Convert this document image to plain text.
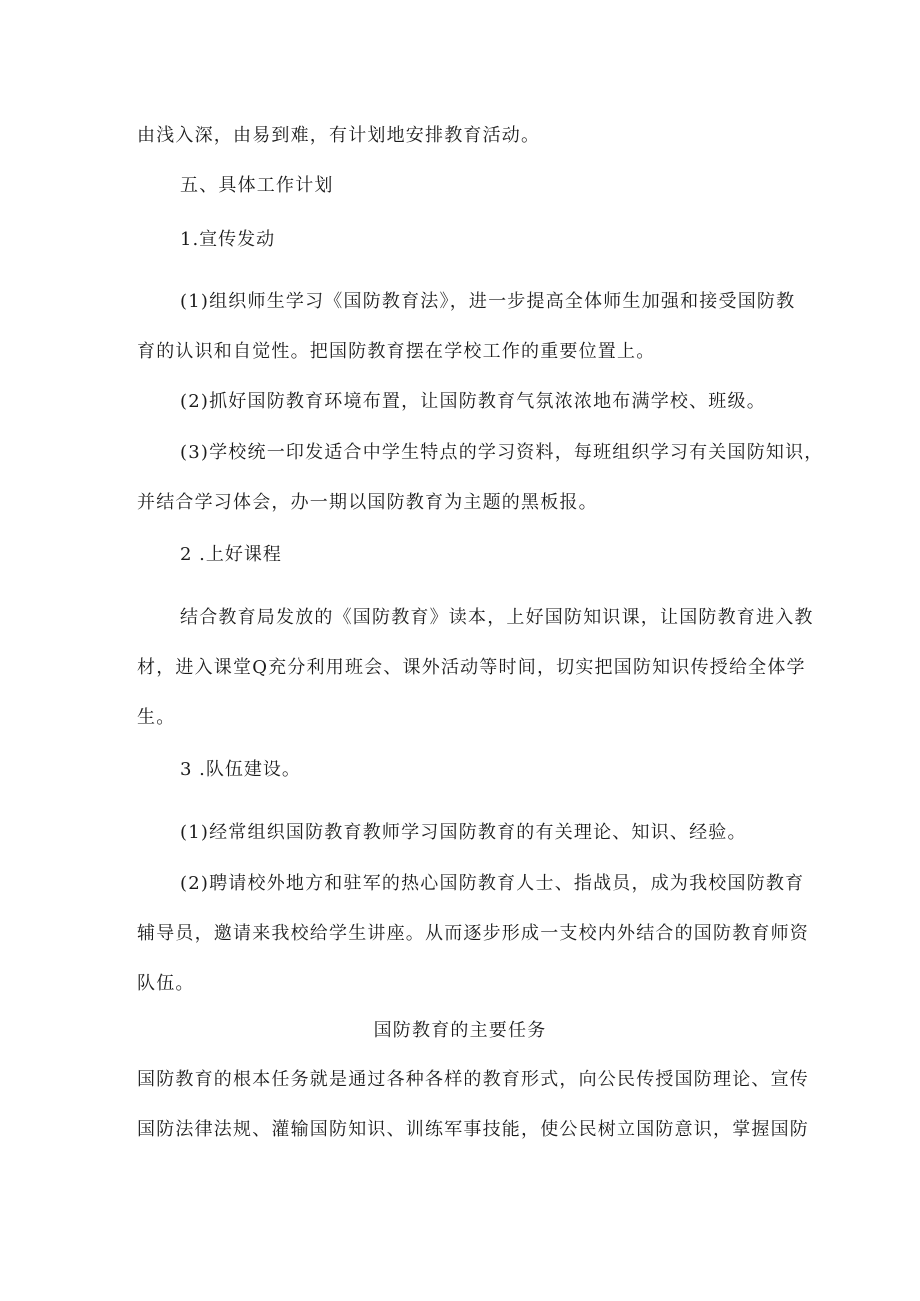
由浅入深，由易到难，有计划地安排教育活动。
五、具体工作计划
1.宣传发动
(1)组织师生学习《国防教育法》，进一步提高全体师生加强和接受国防教
育的认识和自觉性。把国防教育摆在学校工作的重要位置上。
(2)抓好国防教育环境布置，让国防教育气氛浓浓地布满学校、班级。
(3)学校统一印发适合中学生特点的学习资料，每班组织学习有关国防知识，
并结合学习体会，办一期以国防教育为主题的黑板报。
2 .上好课程
结合教育局发放的《国防教育》读本，上好国防知识课，让国防教育进入教
材，进入课堂Q充分利用班会、课外活动等时间，切实把国防知识传授给全体学
生。
3 .队伍建设。
(1)经常组织国防教育教师学习国防教育的有关理论、知识、经验。
(2)聘请校外地方和驻军的热心国防教育人士、指战员，成为我校国防教育
辅导员，邀请来我校给学生讲座。从而逐步形成一支校内外结合的国防教育师资
队伍。
国防教育的主要任务
国防教育的根本任务就是通过各种各样的教育形式，向公民传授国防理论、宣传
国防法律法规、灌输国防知识、训练军事技能，使公民树立国防意识，掌握国防
